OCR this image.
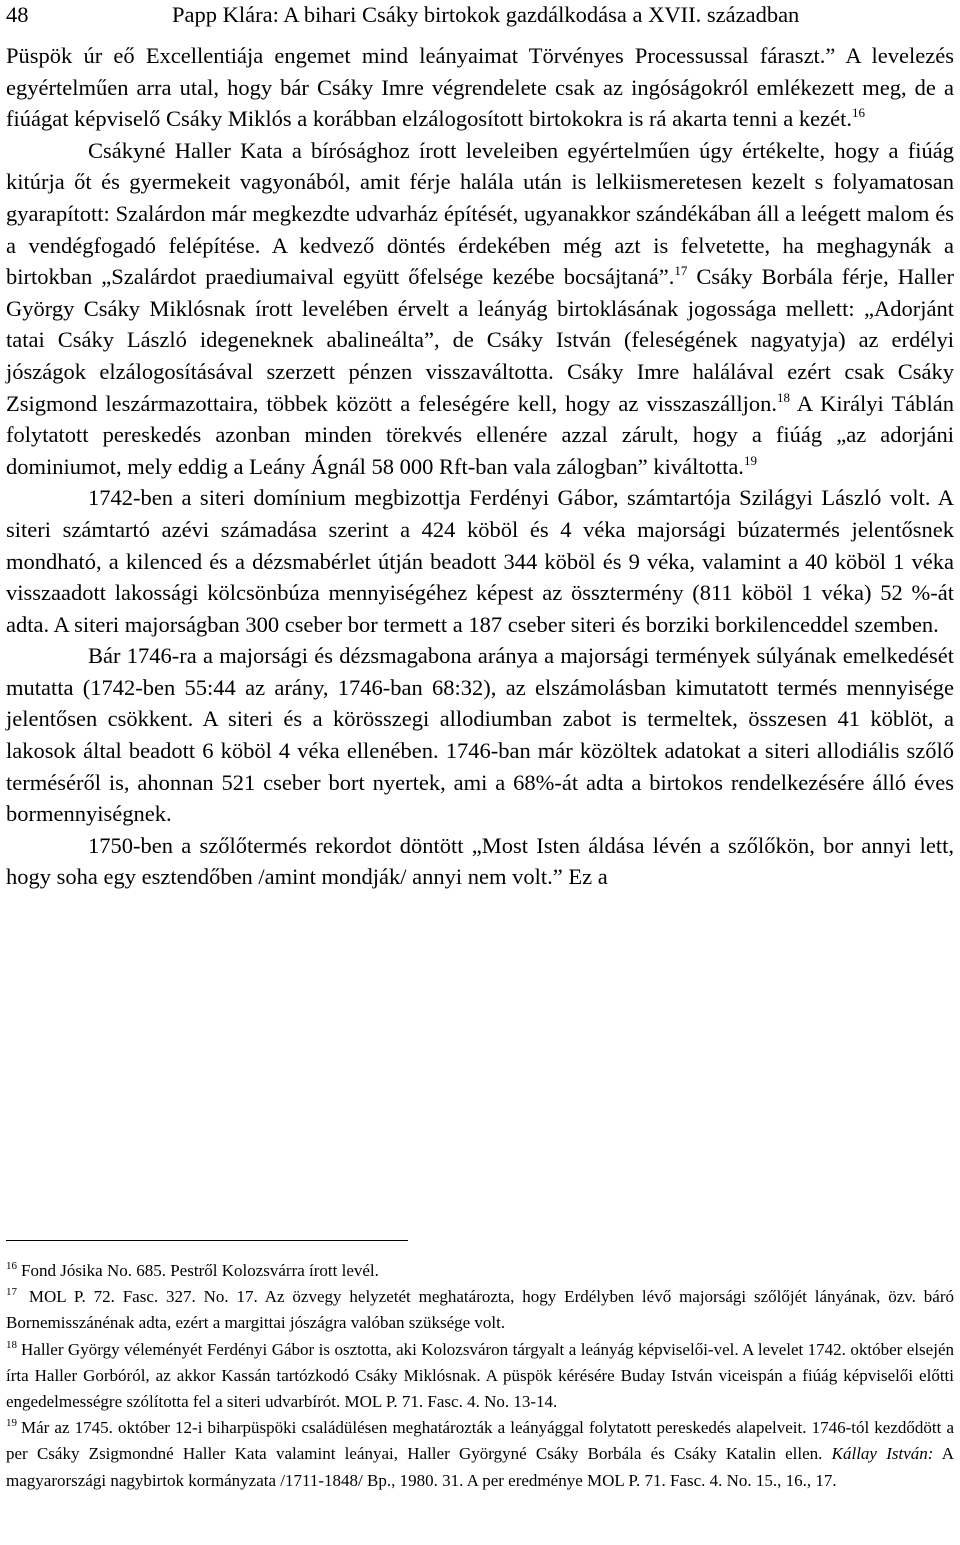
48	Papp Klára: A bihari Csáky birtokok gazdálkodása a XVII. században

Püspök úr eő Excellentiája engemet mind leányaimat Törvényes Processussal fáraszt.” A levelezés egyértelműen arra utal, hogy bár Csáky Imre végrendelete csak az ingóságokról emlékezett meg, de a fiúágat képviselő Csáky Miklós a korábban elzálogosított birtokokra is rá akarta tenni a kezét.$^{16}$

Csákyné Haller Kata a bírósághoz írott leveleiben egyértelműen úgy értékelte, hogy a fiúág kitúrja őt és gyermekeit vagyonából, amit férje halála után is lelkiismeretesen kezelt s folyamatosan gyarapított: Szalárdon már megkezdte udvarház építését, ugyanakkor szándékában áll a leégett malom és a vendégfogadó felépítése. A kedvező döntés érdekében még azt is felvetette, ha meghagynák a birtokban „Szalárdot praediumaival együtt őfelsége kezébe bocsájtaná”.$^{17}$ Csáky Borbála férje, Haller György Csáky Miklósnak írott levelében érvelt a leányág birtoklásának jogossága mellett: „Adorjánt tatai Csáky László idegeneknek abalineálta”, de Csáky István (feleségének nagyatyja) az erdélyi jószágok elzálogosításával szerzett pénzen visszaváltotta. Csáky Imre halálával ezért csak Csáky Zsigmond leszármazottaira, többek között a feleségére kell, hogy az visszaszálljon.$^{18}$ A Királyi Táblán folytatott pereskedés azonban minden törekvés ellenére azzal zárult, hogy a fiúág „az adorjáni dominiumot, mely eddig a Leány Ágnál 58 000 Rft-ban vala zálogban” kiváltotta.$^{19}$

1742-ben a siteri domínium megbizottja Ferdényi Gábor, számtartója Szilágyi László volt. A siteri számtartó azévi számadása szerint a 424 köböl és 4 véka majorsági búzatermés jelentősnek mondható, a kilenced és a dézsmabérlet útján beadott 344 köböl és 9 véka, valamint a 40 köböl 1 véka visszaadott lakossági kölcsönbúza mennyiségéhez képest az össztermény (811 köböl 1 véka) 52 %-át adta. A siteri majorságban 300 cseber bor termett a 187 cseber siteri és borziki borkilenceddel szemben.

Bár 1746-ra a majorsági és dézsmagabona aránya a majorsági termények súlyának emelkedését mutatta (1742-ben 55:44 az arány, 1746-ban 68:32), az elszámolásban kimutatott termés mennyisége jelentősen csökkent. A siteri és a körösszegi allodiumban zabot is termeltek, összesen 41 köblöt, a lakosok által beadott 6 köböl 4 véka ellenében. 1746-ban már közöltek adatokat a siteri allodiális szőlő terméséről is, ahonnan 521 cseber bort nyertek, ami a 68%-át adta a birtokos rendelkezésére álló éves bormennyiségnek.

1750-ben a szőlőtermés rekordot döntött „Most Isten áldása lévén a szőlőkön, bor annyi lett, hogy soha egy esztendőben /amint mondják/ annyi nem volt.” Ez a

$^{16}$ Fond Jósika No. 685. Pestről Kolozsvárra írott levél.

$^{17}$ MOL P. 72. Fasc. 327. No. 17. Az özvegy helyzetét meghatározta, hogy Erdélyben lévő majorsági szőlőjét lányának, özv. báró Bornemisszánénak adta, ezért a margittai jószágra valóban szüksége volt.

$^{18}$ Haller György véleményét Ferdényi Gábor is osztotta, aki Kolozsváron tárgyalt a leányág képviselői-vel. A levelet 1742. október elsején írta Haller Gorbóról, az akkor Kassán tartózkodó Csáky Miklósnak. A püspök kérésére Buday István viceispán a fiúág képviselői előtti engedelmességre szólította fel a siteri udvarbírót. MOL P. 71. Fasc. 4. No. 13-14.

$^{19}$ Már az 1745. október 12-i biharpüspöki családülésen meghatározták a leányággal folytatott pereskedés alapelveit. 1746-tól kezdődött a per Csáky Zsigmondné Haller Kata valamint leányai, Haller Györgyné Csáky Borbála és Csáky Katalin ellen. Kállay István: A magyarországi nagybirtok kormányzata /1711-1848/ Bp., 1980. 31. A per eredménye MOL P. 71. Fasc. 4. No. 15., 16., 17.
